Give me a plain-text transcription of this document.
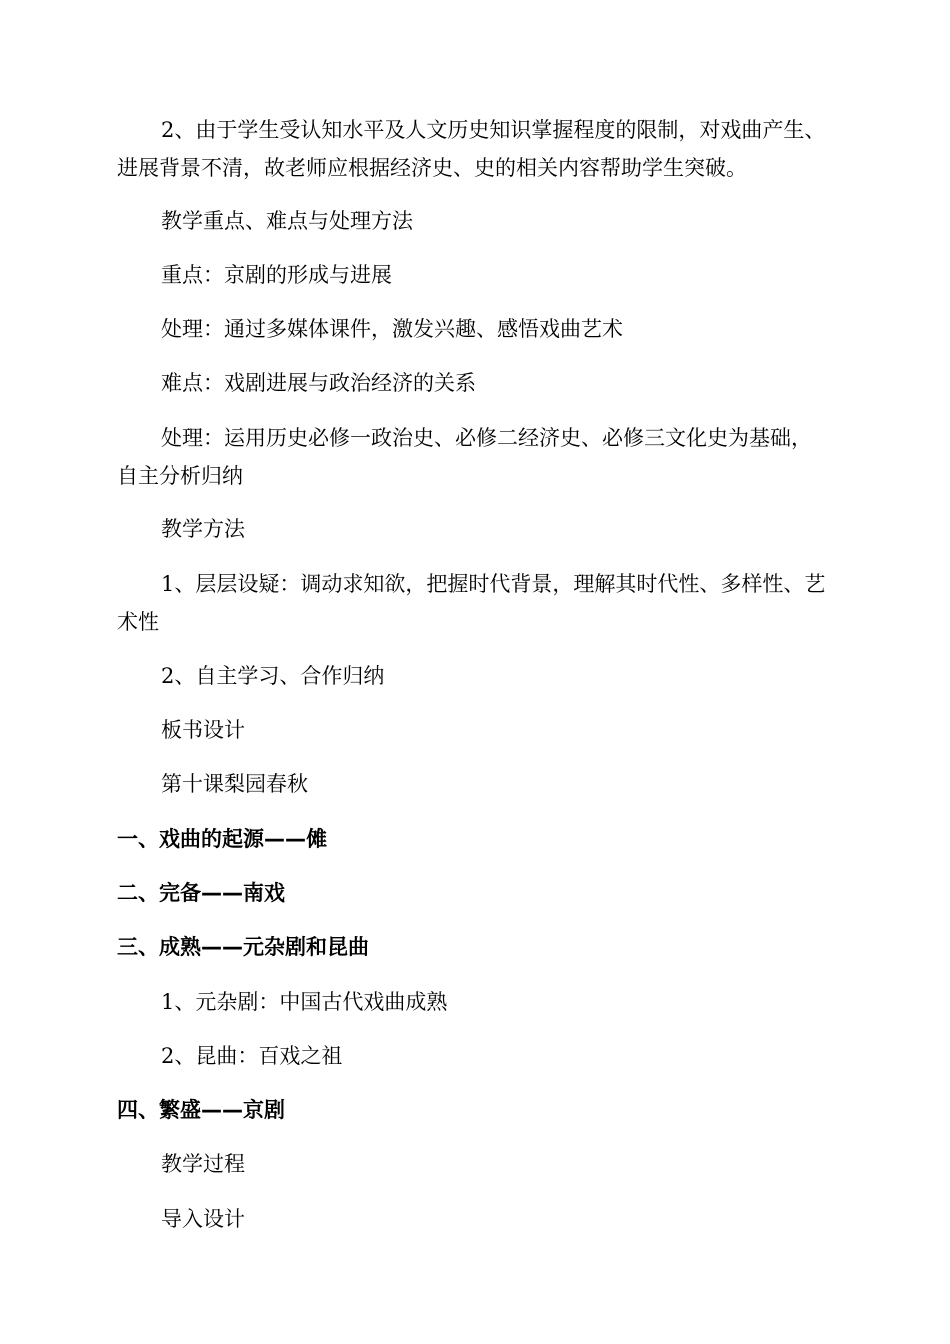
2、由于学生受认知水平及人文历史知识掌握程度的限制，对戏曲产生、进展背景不清，故老师应根据经济史、史的相关内容帮助学生突破。

教学重点、难点与处理方法

重点：京剧的形成与进展

处理：通过多媒体课件，激发兴趣、感悟戏曲艺术

难点：戏剧进展与政治经济的关系

处理：运用历史必修一政治史、必修二经济史、必修三文化史为基础，自主分析归纳

教学方法

1、层层设疑：调动求知欲，把握时代背景，理解其时代性、多样性、艺术性

2、自主学习、合作归纳

板书设计

第十课梨园春秋

一、戏曲的起源——傩

二、完备——南戏

三、成熟——元杂剧和昆曲

1、元杂剧：中国古代戏曲成熟

2、昆曲：百戏之祖

四、繁盛——京剧

教学过程

导入设计
